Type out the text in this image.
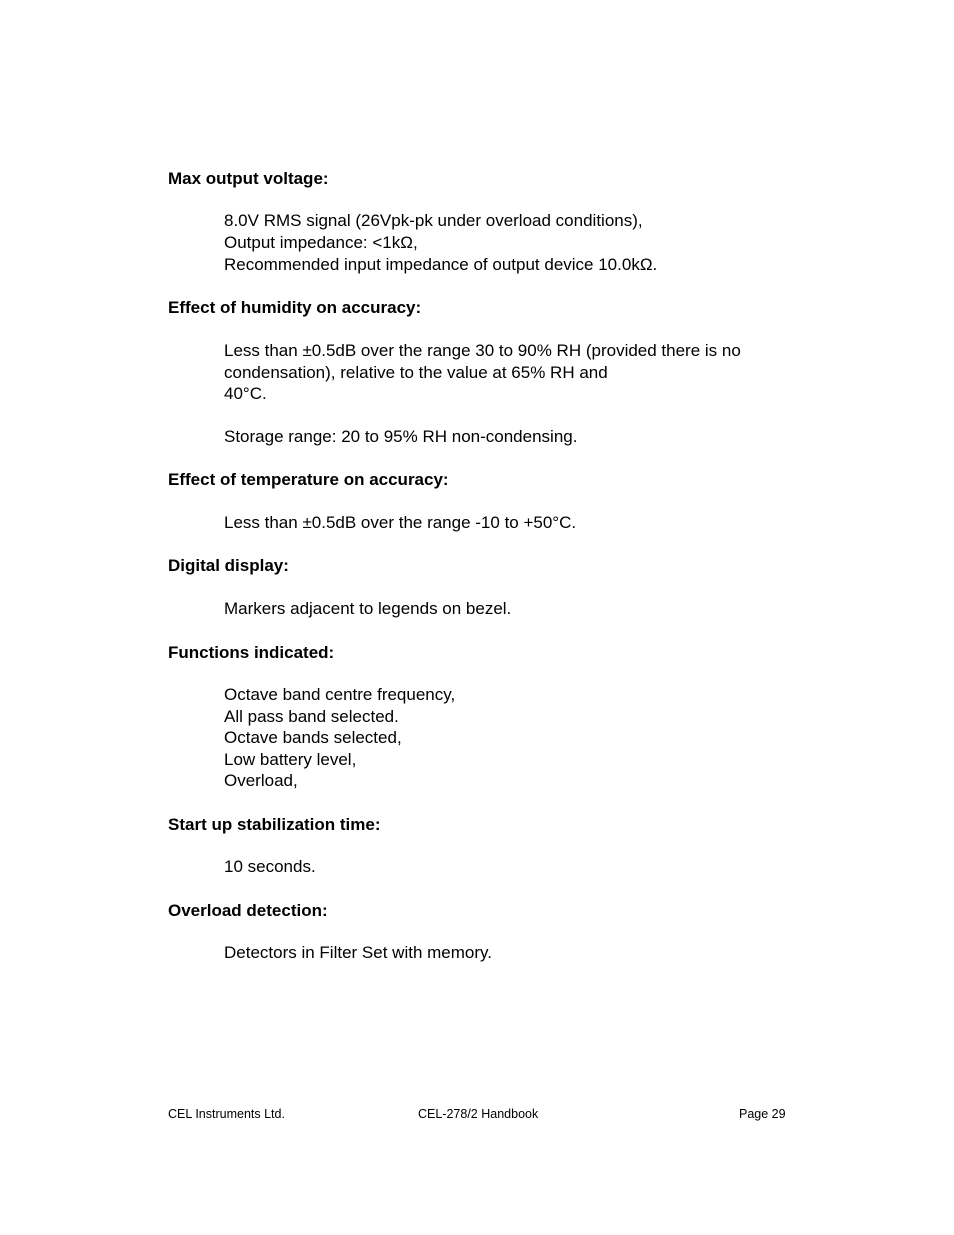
Max output voltage:
8.0V RMS signal (26Vpk-pk under overload conditions),
Output impedance: <1kΩ,
Recommended input impedance of output device 10.0kΩ.
Effect of humidity on accuracy:
Less than ±0.5dB over the range 30 to 90% RH (provided there is no
condensation), relative to the value at 65% RH and
40°C.
Storage range: 20 to 95% RH non-condensing.
Effect of temperature on accuracy:
Less than ±0.5dB over the range -10 to +50°C.
Digital display:
Markers adjacent to legends on bezel.
Functions indicated:
Octave band centre frequency,
All pass band selected.
Octave bands selected,
Low battery level,
Overload,
Start up stabilization time:
10 seconds.
Overload detection:
Detectors in Filter Set with memory.
CEL Instruments Ltd.	CEL-278/2 Handbook	Page 29
